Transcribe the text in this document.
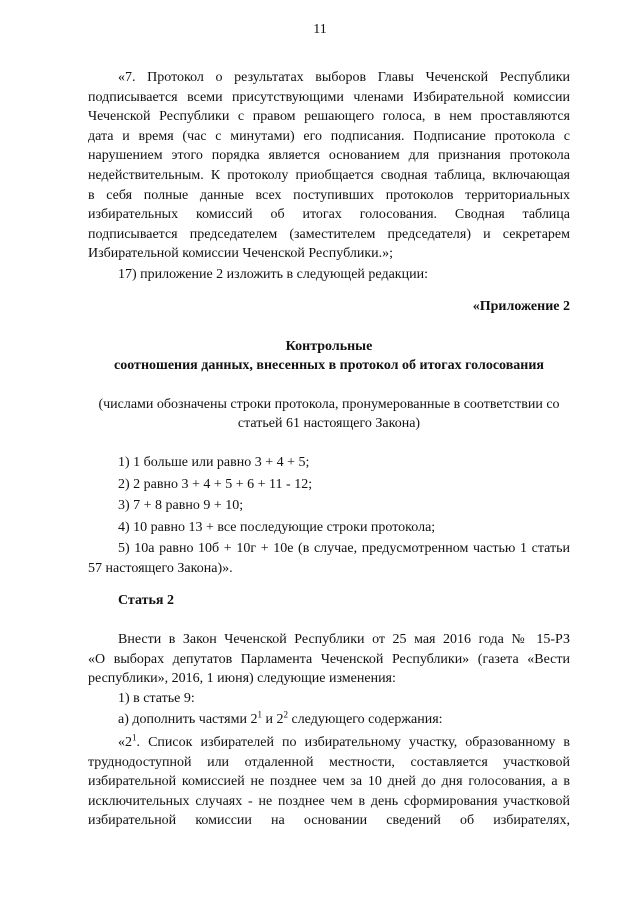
11
«7. Протокол о результатах выборов Главы Чеченской Республики
подписывается всеми присутствующими членами Избирательной комиссии
Чеченской Республики с правом решающего голоса, в нем проставляются
дата и время (час с минутами) его подписания. Подписание протокола с
нарушением этого порядка является основанием для признания протокола
недействительным. К протоколу приобщается сводная таблица, включающая
в себя полные данные всех поступивших протоколов территориальных
избирательных комиссий об итогах голосования. Сводная таблица
подписывается председателем (заместителем председателя) и секретарем
Избирательной комиссии Чеченской Республики.»;
17) приложение 2 изложить в следующей редакции:
«Приложение 2
Контрольные
соотношения данных, внесенных в протокол об итогах голосования
(числами обозначены строки протокола, пронумерованные в соответствии со
статьей 61 настоящего Закона)
1) 1 больше или равно 3 + 4 + 5;
2) 2 равно 3 + 4 + 5 + 6 + 11 - 12;
3) 7 + 8 равно 9 + 10;
4) 10 равно 13 + все последующие строки протокола;
5) 10а равно 10б + 10г + 10е (в случае, предусмотренном частью 1 статьи
57 настоящего Закона)».
Статья 2
Внести в Закон Чеченской Республики от 25 мая 2016 года № 15-РЗ
«О выборах депутатов Парламента Чеченской Республики» (газета «Вести
республики», 2016, 1 июня) следующие изменения:
1) в статье 9:
а) дополнить частями $2^1$ и $2^2$ следующего содержания:
«$2^1$. Список избирателей по избирательному участку, образованному в
труднодоступной или отдаленной местности, составляется участковой
избирательной комиссией не позднее чем за 10 дней до дня голосования, а в
исключительных случаях - не позднее чем в день сформирования участковой
избирательной комиссии на основании сведений об избирателях,
